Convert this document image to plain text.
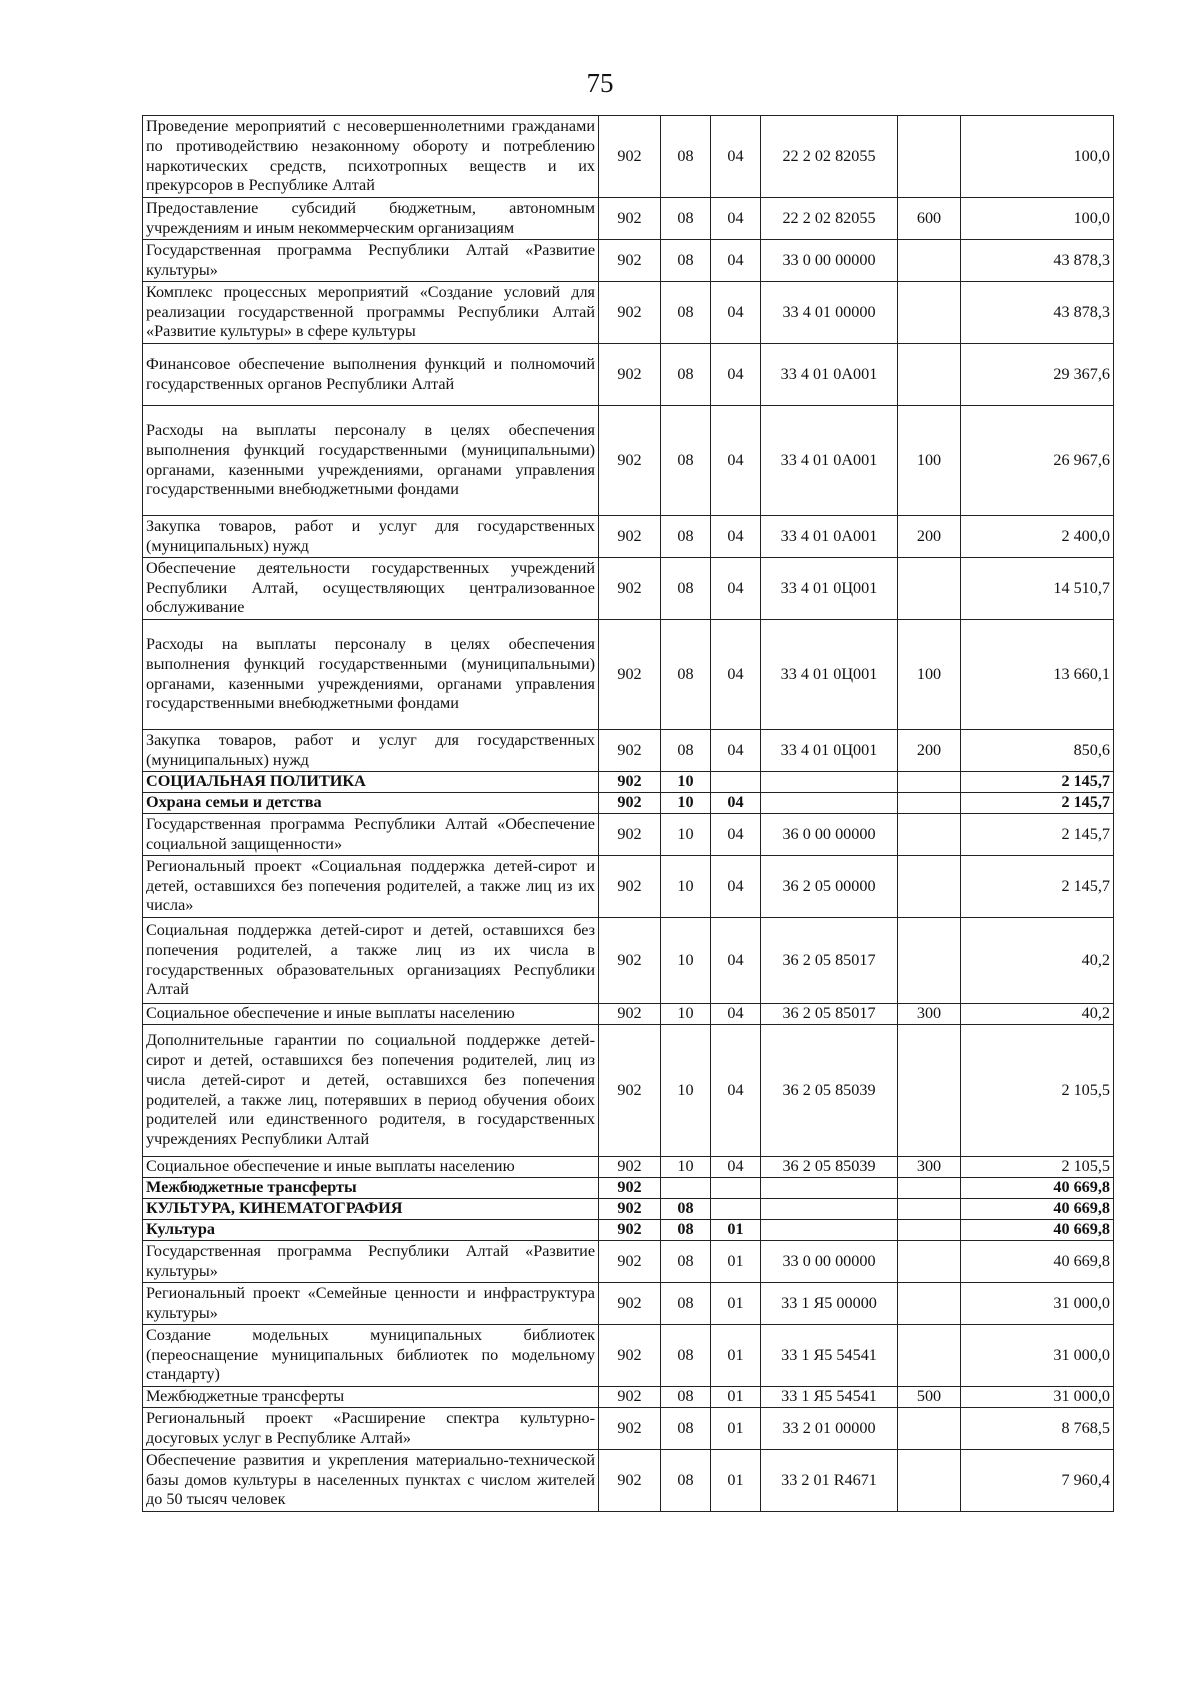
75
Проведение мероприятий с несовершеннолетними гражданами по противодействию незаконному обороту и потреблению наркотических средств, психотропных веществ и их прекурсоров в Республике Алтай	902	08	04	22 2 02 82055		100,0
Предоставление субсидий бюджетным, автономным учреждениям и иным некоммерческим организациям	902	08	04	22 2 02 82055	600	100,0
Государственная программа Республики Алтай «Развитие культуры»	902	08	04	33 0 00 00000		43 878,3
Комплекс процессных мероприятий «Создание условий для реализации государственной программы Республики Алтай «Развитие культуры» в сфере культуры	902	08	04	33 4 01 00000		43 878,3
Финансовое обеспечение выполнения функций и полномочий государственных органов Республики Алтай	902	08	04	33 4 01 0А001		29 367,6
Расходы на выплаты персоналу в целях обеспечения выполнения функций государственными (муниципальными) органами, казенными учреждениями, органами управления государственными внебюджетными фондами	902	08	04	33 4 01 0А001	100	26 967,6
Закупка товаров, работ и услуг для государственных (муниципальных) нужд	902	08	04	33 4 01 0А001	200	2 400,0
Обеспечение деятельности государственных учреждений Республики Алтай, осуществляющих централизованное обслуживание	902	08	04	33 4 01 0Ц001		14 510,7
Расходы на выплаты персоналу в целях обеспечения выполнения функций государственными (муниципальными) органами, казенными учреждениями, органами управления государственными внебюджетными фондами	902	08	04	33 4 01 0Ц001	100	13 660,1
Закупка товаров, работ и услуг для государственных (муниципальных) нужд	902	08	04	33 4 01 0Ц001	200	850,6
СОЦИАЛЬНАЯ ПОЛИТИКА	902	10				2 145,7
Охрана семьи и детства	902	10	04			2 145,7
Государственная программа Республики Алтай «Обеспечение социальной защищенности»	902	10	04	36 0 00 00000		2 145,7
Региональный проект «Социальная поддержка детей-сирот и детей, оставшихся без попечения родителей, а также лиц из их числа»	902	10	04	36 2 05 00000		2 145,7
Социальная поддержка детей-сирот и детей, оставшихся без попечения родителей, а также лиц из их числа в государственных образовательных организациях Республики Алтай	902	10	04	36 2 05 85017		40,2
Социальное обеспечение и иные выплаты населению	902	10	04	36 2 05 85017	300	40,2
Дополнительные гарантии по социальной поддержке детей-сирот и детей, оставшихся без попечения родителей, лиц из числа детей-сирот и детей, оставшихся без попечения родителей, а также лиц, потерявших в период обучения обоих родителей или единственного родителя, в государственных учреждениях Республики Алтай	902	10	04	36 2 05 85039		2 105,5
Социальное обеспечение и иные выплаты населению	902	10	04	36 2 05 85039	300	2 105,5
Межбюджетные трансферты	902					40 669,8
КУЛЬТУРА, КИНЕМАТОГРАФИЯ	902	08				40 669,8
Культура	902	08	01			40 669,8
Государственная программа Республики Алтай «Развитие культуры»	902	08	01	33 0 00 00000		40 669,8
Региональный проект «Семейные ценности и инфраструктура культуры»	902	08	01	33 1 Я5 00000		31 000,0
Создание модельных муниципальных библиотек (переоснащение муниципальных библиотек по модельному стандарту)	902	08	01	33 1 Я5 54541		31 000,0
Межбюджетные трансферты	902	08	01	33 1 Я5 54541	500	31 000,0
Региональный проект «Расширение спектра культурно-досуговых услуг в Республике Алтай»	902	08	01	33 2 01 00000		8 768,5
Обеспечение развития и укрепления материально-технической базы домов культуры в населенных пунктах с числом жителей до 50 тысяч человек	902	08	01	33 2 01 R4671		7 960,4
